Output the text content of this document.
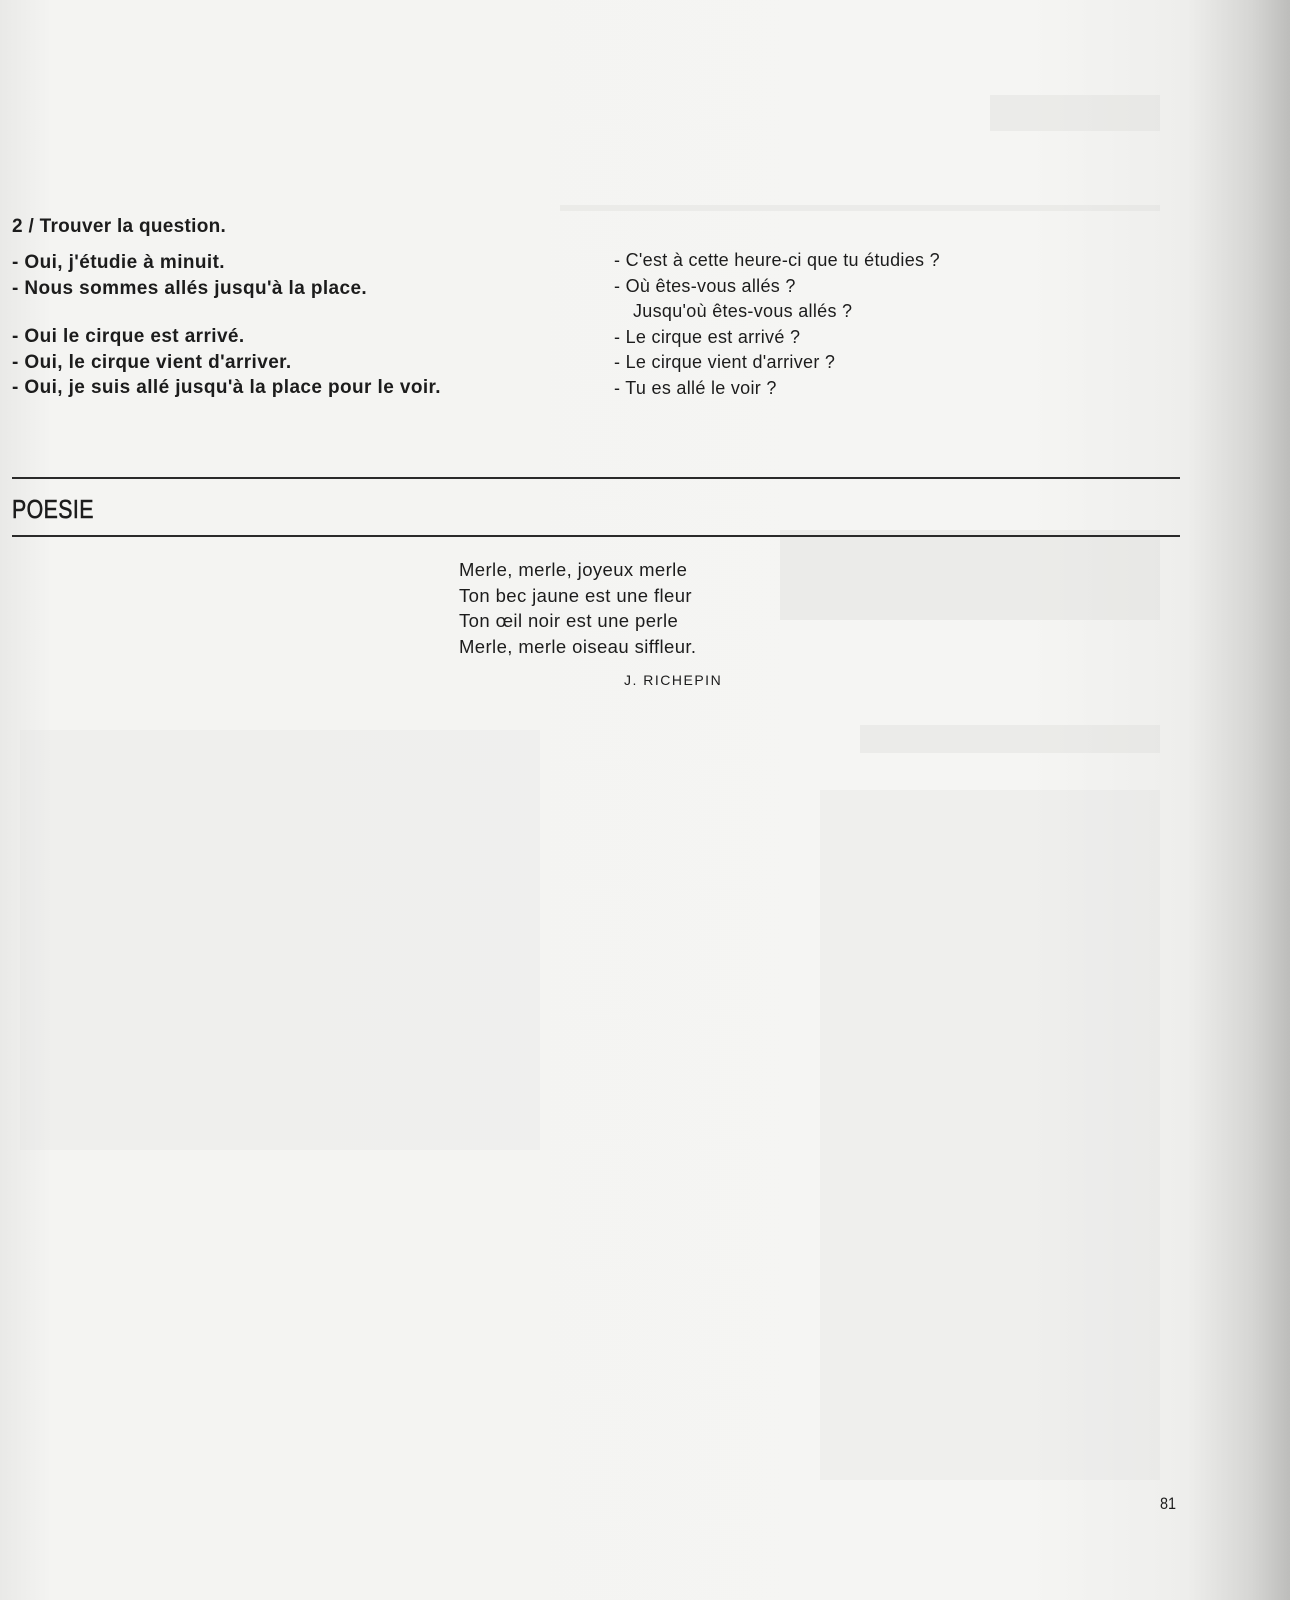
2 / Trouver la question.
- Oui, j'étudie à minuit.
- Nous sommes allés jusqu'à la place.
- Oui le cirque est arrivé.
- Oui, le cirque vient d'arriver.
- Oui, je suis allé jusqu'à la place pour le voir.
- C'est à cette heure-ci que tu étudies ?
- Où êtes-vous allés ?
Jusqu'où êtes-vous allés ?
- Le cirque est arrivé ?
- Le cirque vient d'arriver ?
- Tu es allé le voir ?
POESIE
Merle, merle, joyeux merle
Ton bec jaune est une fleur
Ton œil noir est une perle
Merle, merle oiseau siffleur.
J. RICHEPIN
81
